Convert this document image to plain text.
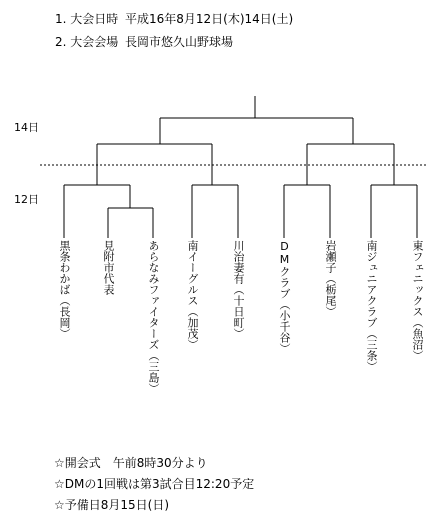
1. 大会日時 平成16年8月12日(木)14日(土)
2. 大会会場 長岡市悠久山野球場
14日
12日
黒条わかば（長岡）	見附市代表	あらなみファイターズ（三島） 南イーグルス（加茂）	川治妻有（十日町）	DMクラブ（小千谷）	岩瀬子（栃尾）	南ジュニアクラブ（三条）	東フェニックス（魚沼）
☆開会式　午前8時30分より
☆DMの1回戦は第3試合目12:20予定
☆予備日8月15日(日)
